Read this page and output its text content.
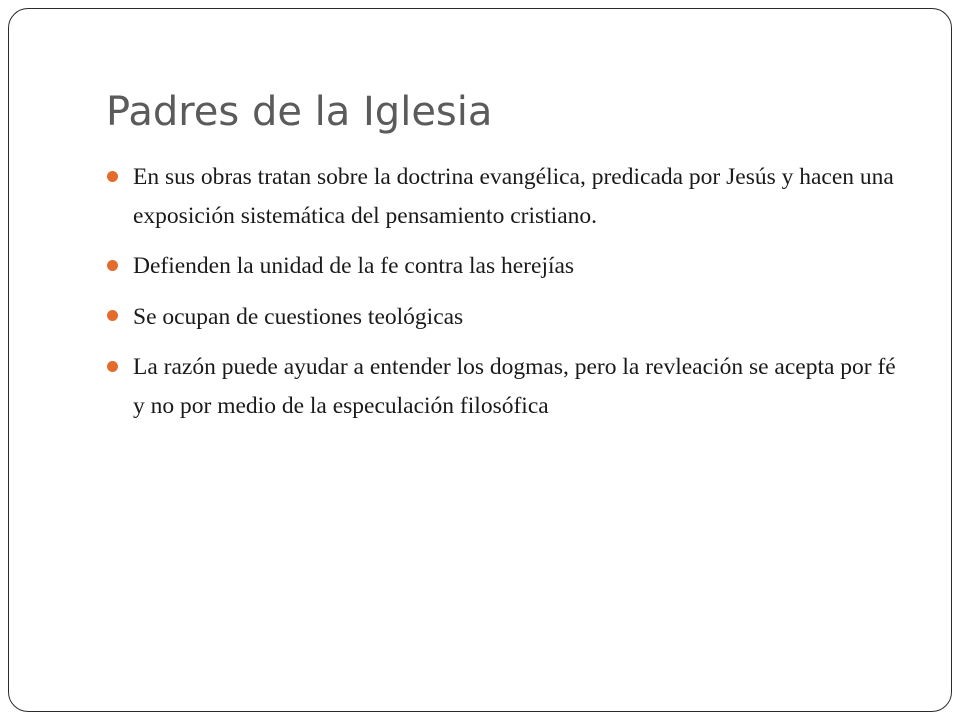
Padres de la Iglesia
En sus obras tratan sobre la doctrina evangélica, predicada por Jesús y hacen una exposición sistemática del pensamiento cristiano.
Defienden la unidad de la fe contra las herejías
Se ocupan de cuestiones teológicas
La razón puede ayudar a entender los dogmas, pero la revleación se acepta por fé y no por medio de la especulación filosófica
